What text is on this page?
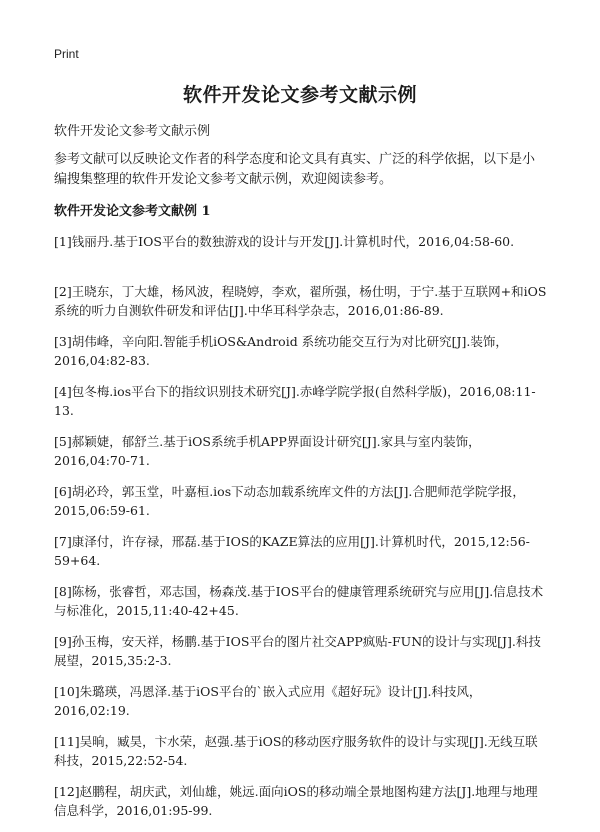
Print
软件开发论文参考文献示例
软件开发论文参考文献示例
参考文献可以反映论文作者的科学态度和论文具有真实、广泛的科学依据，以下是小编搜集整理的软件开发论文参考文献示例，欢迎阅读参考。
软件开发论文参考文献例 1
[1]钱丽丹.基于IOS平台的数独游戏的设计与开发[J].计算机时代，2016,04:58-60.
[2]王晓东，丁大雄，杨风波，程晓婷，李欢，翟所强，杨仕明，于宁.基于互联网+和iOS系统的听力自测软件研发和评估[J].中华耳科学杂志，2016,01:86-89.
[3]胡伟峰，辛向阳.智能手机iOS&Android 系统功能交互行为对比研究[J].装饰，2016,04:82-83.
[4]包冬梅.ios平台下的指纹识别技术研究[J].赤峰学院学报(自然科学版)，2016,08:11-13.
[5]郝颖婕，郁舒兰.基于iOS系统手机APP界面设计研究[J].家具与室内装饰，2016,04:70-71.
[6]胡必玲，郭玉堂，叶嘉桓.ios下动态加载系统库文件的方法[J].合肥师范学院学报，2015,06:59-61.
[7]康泽付，许存禄，邢磊.基于IOS的KAZE算法的应用[J].计算机时代，2015,12:56-59+64.
[8]陈杨，张睿哲，邓志国，杨森茂.基于IOS平台的健康管理系统研究与应用[J].信息技术与标准化，2015,11:40-42+45.
[9]孙玉梅，安天祥，杨鹏.基于IOS平台的图片社交APP疯贴-FUN的设计与实现[J].科技展望，2015,35:2-3.
[10]朱璐瑛，冯恩泽.基于iOS平台的`嵌入式应用《超好玩》设计[J].科技风，2016,02:19.
[11]吴晌，臧昊，卞水荣，赵强.基于iOS的移动医疗服务软件的设计与实现[J].无线互联科技，2015,22:52-54.
[12]赵鹏程，胡庆武，刘仙雄，姚远.面向iOS的移动端全景地图构建方法[J].地理与地理信息科学，2016,01:95-99.
